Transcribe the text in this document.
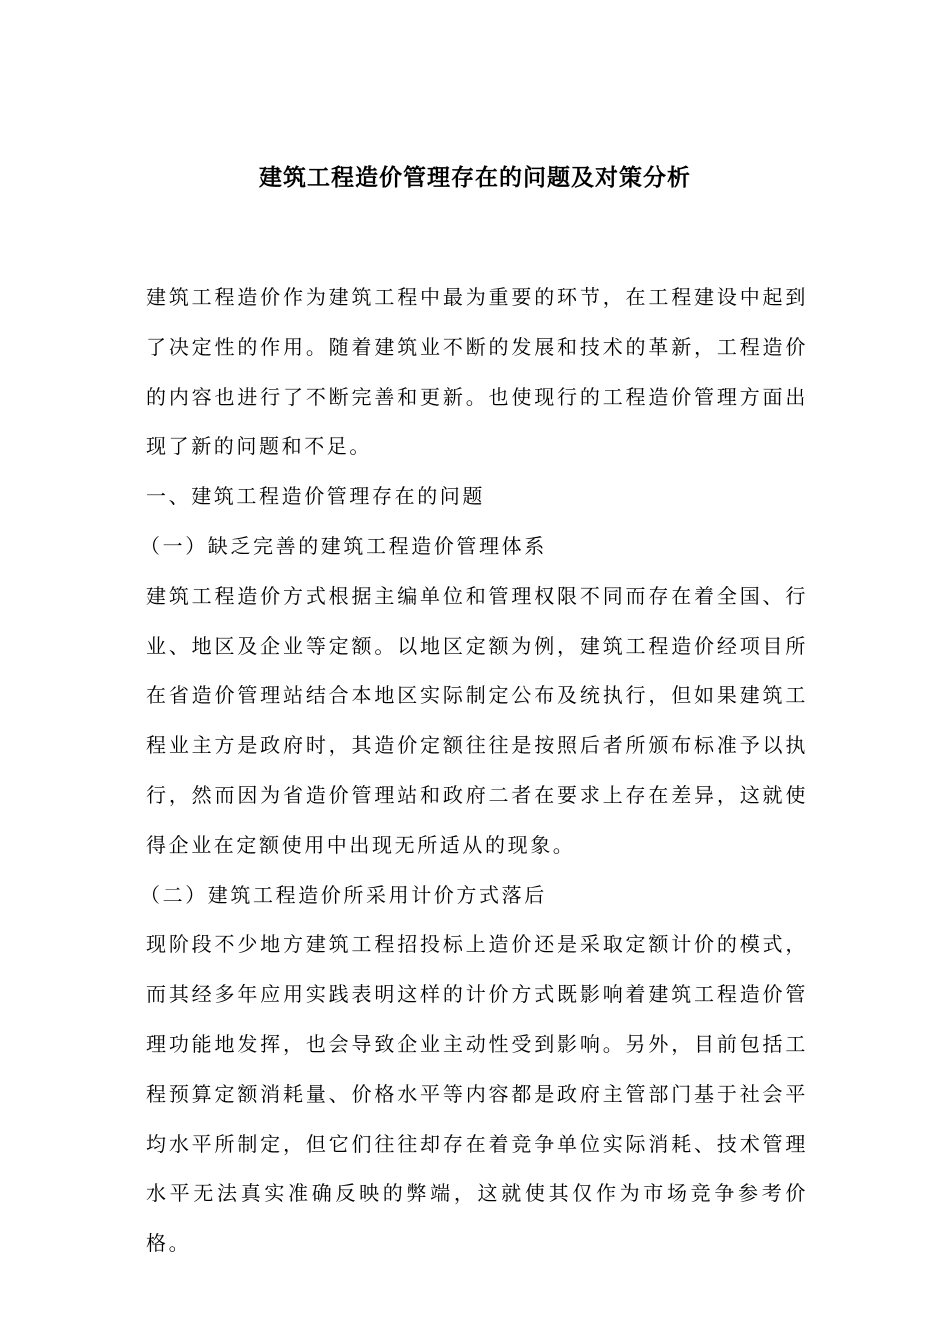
建筑工程造价管理存在的问题及对策分析

建筑工程造价作为建筑工程中最为重要的环节，在工程建设中起到了决定性的作用。随着建筑业不断的发展和技术的革新，工程造价的内容也进行了不断完善和更新。也使现行的工程造价管理方面出现了新的问题和不足。

一、建筑工程造价管理存在的问题

（一）缺乏完善的建筑工程造价管理体系

建筑工程造价方式根据主编单位和管理权限不同而存在着全国、行业、地区及企业等定额。以地区定额为例，建筑工程造价经项目所在省造价管理站结合本地区实际制定公布及统执行，但如果建筑工程业主方是政府时，其造价定额往往是按照后者所颁布标准予以执行，然而因为省造价管理站和政府二者在要求上存在差异，这就使得企业在定额使用中出现无所适从的现象。

（二）建筑工程造价所采用计价方式落后

现阶段不少地方建筑工程招投标上造价还是采取定额计价的模式，而其经多年应用实践表明这样的计价方式既影响着建筑工程造价管理功能地发挥，也会导致企业主动性受到影响。另外，目前包括工程预算定额消耗量、价格水平等内容都是政府主管部门基于社会平均水平所制定，但它们往往却存在着竞争单位实际消耗、技术管理水平无法真实准确反映的弊端，这就使其仅作为市场竞争参考价格。
